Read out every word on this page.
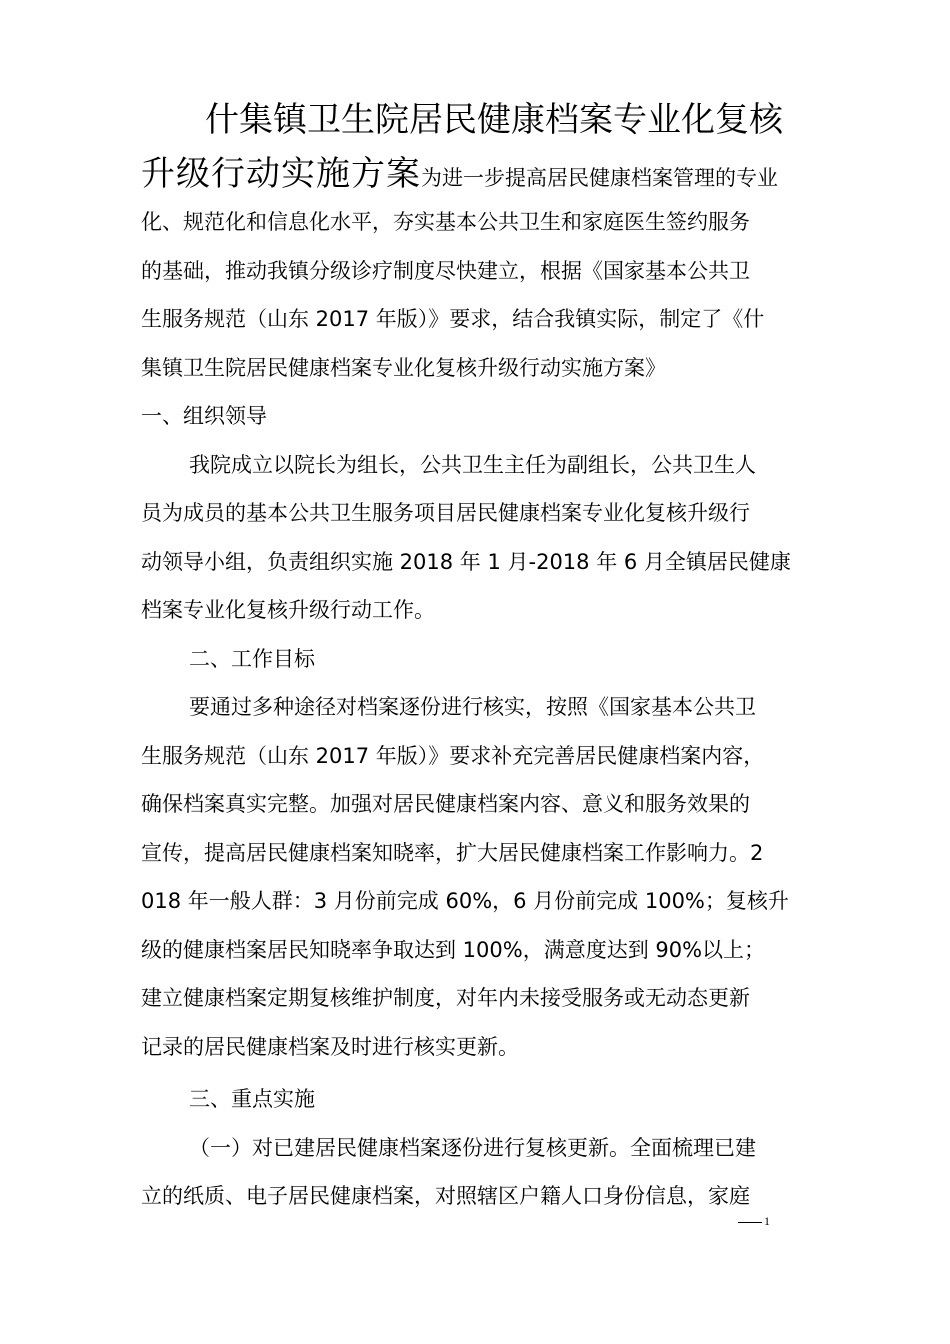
什集镇卫生院居民健康档案专业化复核
升级行动实施方案为进一步提高居民健康档案管理的专业
化、规范化和信息化水平，夯实基本公共卫生和家庭医生签约服务
的基础，推动我镇分级诊疗制度尽快建立，根据《国家基本公共卫
生服务规范（山东 2017 年版）》要求，结合我镇实际，制定了《什
集镇卫生院居民健康档案专业化复核升级行动实施方案》
一、组织领导
我院成立以院长为组长，公共卫生主任为副组长，公共卫生人
员为成员的基本公共卫生服务项目居民健康档案专业化复核升级行
动领导小组，负责组织实施 2018 年 1 月-2018 年 6 月全镇居民健康
档案专业化复核升级行动工作。
二、工作目标
要通过多种途径对档案逐份进行核实，按照《国家基本公共卫
生服务规范（山东 2017 年版）》要求补充完善居民健康档案内容，
确保档案真实完整。加强对居民健康档案内容、意义和服务效果的
宣传，提高居民健康档案知晓率，扩大居民健康档案工作影响力。2
018 年一般人群：3 月份前完成 60%，6 月份前完成 100%；复核升
级的健康档案居民知晓率争取达到 100%，满意度达到 90%以上；
建立健康档案定期复核维护制度，对年内未接受服务或无动态更新
记录的居民健康档案及时进行核实更新。
三、重点实施
（一）对已建居民健康档案逐份进行复核更新。全面梳理已建
立的纸质、电子居民健康档案，对照辖区户籍人口身份信息，家庭
1
